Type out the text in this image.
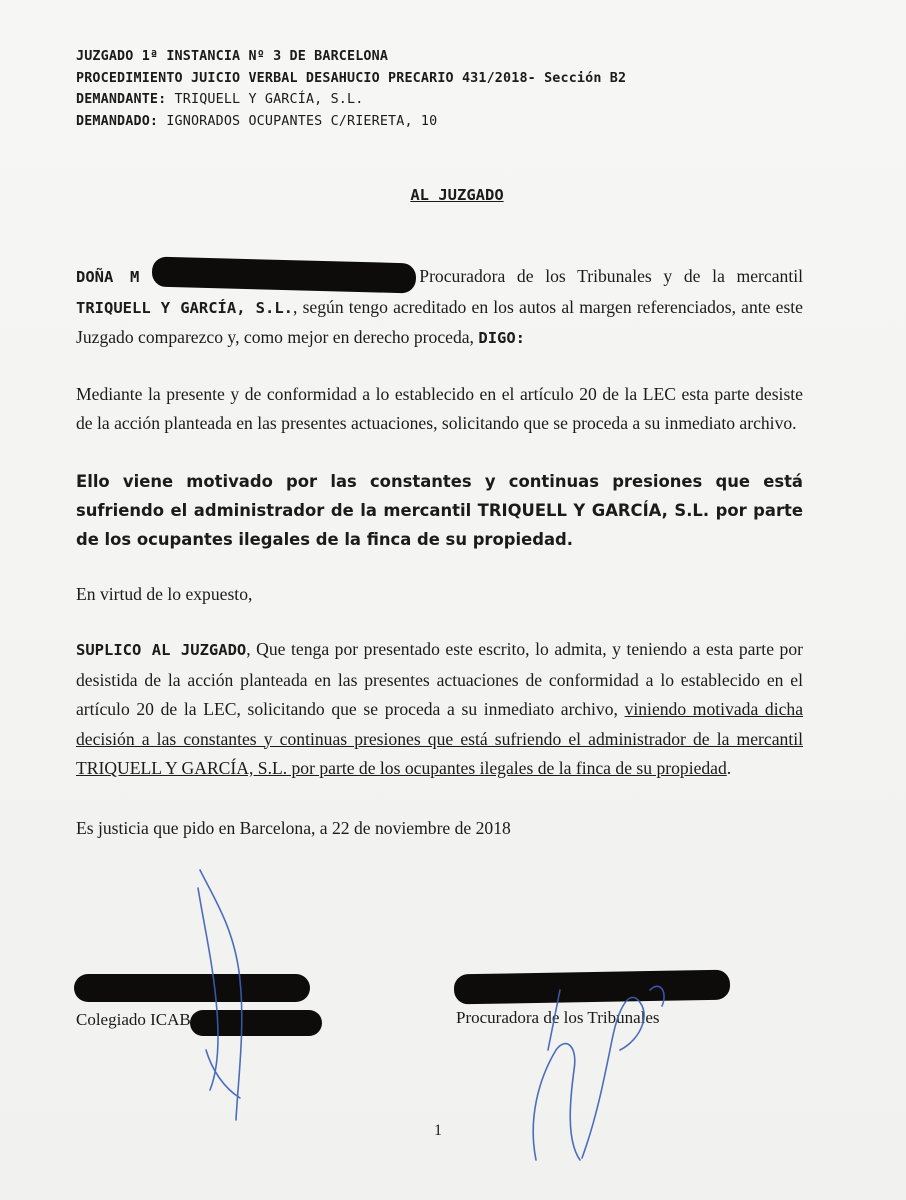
JUZGADO 1ª INSTANCIA Nº 3 DE BARCELONA
PROCEDIMIENTO JUICIO VERBAL DESAHUCIO PRECARIO 431/2018- Sección B2
DEMANDANTE: TRIQUELL Y GARCÍA, S.L.
DEMANDADO: IGNORADOS OCUPANTES C/RIERETA, 10
AL JUZGADO

DOÑA M	Procuradora de los Tribunales y de la mercantil TRIQUELL Y GARCÍA, S.L., según tengo acreditado en los autos al margen referenciados, ante este Juzgado comparezco y, como mejor en derecho proceda, DIGO:

Mediante la presente y de conformidad a lo establecido en el artículo 20 de la LEC esta parte desiste de la acción planteada en las presentes actuaciones, solicitando que se proceda a su inmediato archivo.

Ello viene motivado por las constantes y continuas presiones que está sufriendo el administrador de la mercantil TRIQUELL Y GARCÍA, S.L. por parte de los ocupantes ilegales de la finca de su propiedad.

En virtud de lo expuesto,

SUPLICO AL JUZGADO, Que tenga por presentado este escrito, lo admita, y teniendo a esta parte por desistida de la acción planteada en las presentes actuaciones de conformidad a lo establecido en el artículo 20 de la LEC, solicitando que se proceda a su inmediato archivo, viniendo motivada dicha decisión a las constantes y continuas presiones que está sufriendo el administrador de la mercantil TRIQUELL Y GARCÍA, S.L. por parte de los ocupantes ilegales de la finca de su propiedad.

Es justicia que pido en Barcelona, a 22 de noviembre de 2018

Colegiado ICAB	Procuradora de los Tribunales
1
